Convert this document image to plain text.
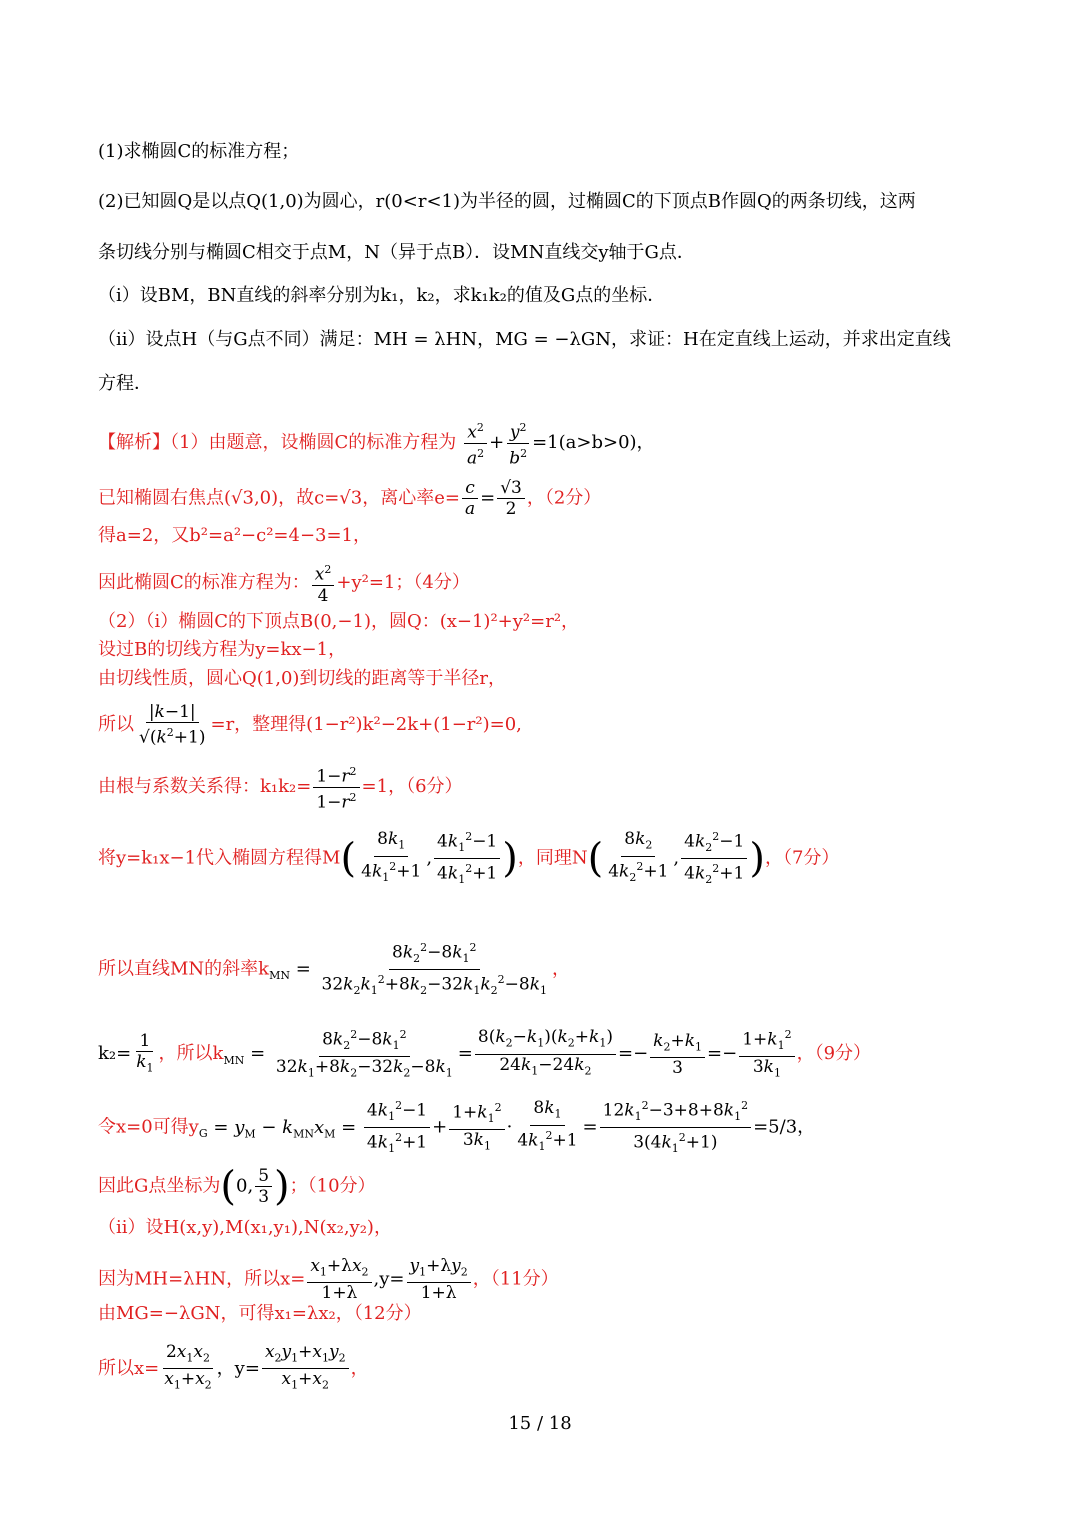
(1)求椭圆C的标准方程；
(2)已知圆Q是以点Q(1,0)为圆心，r(0<r<1)为半径的圆，过椭圆C的下顶点B作圆Q的两条切线，这两
条切线分别与椭圆C相交于点M，N（异于点B）．设MN直线交y轴于G点．
（i）设BM，BN直线的斜率分别为k₁，k₂，求k₁k₂的值及G点的坐标．
（ii）设点H（与G点不同）满足：MH = λHN，MG = −λGN，求证：H在定直线上运动，并求出定直线
方程．
【解析】（1）由题意，设椭圆C的标准方程为 $\frac{x^2}{a^2} + \frac{y^2}{b^2} =1(a>b>0)$，
已知椭圆右焦点(√3,0)，故c=√3，离心率$e= \frac{c}{a} = \frac{√3}{2}$ ，（2分）
得a=2，又b²=a²−c²=4−3=1，
因此椭圆C的标准方程为： $\frac{x^2}{4} +y^2=1$；（4分）
（2）（i）椭圆C的下顶点B(0,−1)，圆Q：(x−1)²+y²=r²，
设过B的切线方程为y=kx−1，
由切线性质，圆心Q(1,0)到切线的距离等于半径r，
所以 $\frac{|k-1|}{√(k^2+1)} =r$，整理得(1−r²)k²−2k+(1−r²)=0,
由根与系数关系得：$k_1k_2= \frac{1-r^2}{1-r^2} =1$，（6分）
将y=k₁x−1代入椭圆方程得$M( \frac{8k_1}{4k_1^2+1}$ , $\frac{4k_1^2-1}{4k_1^2+1}$ )，同理$N( \frac{8k_2}{4k_2^2+1}$ , $\frac{4k_2^2-1}{4k_2^2+1}$ )，（7分）
所以直线MN的斜率$k_{MN} = \frac{8k_2^2-8k_1^2}{32k_2k_1^2+8k_2-32k_1k_2^2-8k_1}$ ，
$k_2= \frac{1}{k_1}$ ，所以$k_{MN} = \frac{8k_2^2-8k_1^2}{32k_1+8k_2-32k_2-8k_1} = \frac{8(k_2-k_1)(k_2+k_1)}{24k_1-24k_2} =- \frac{k_2+k_1}{3} =- \frac{1+k_1^2}{3k_1}$ ，（9分）
令x=0可得$y_G = y_M - k_{MN}x_M = \frac{4k_1^2-1}{4k_1^2+1} + \frac{1+k_1^2}{3k_1} \cdot \frac{8k_1}{4k_1^2+1} = \frac{12k_1^2-3+8+8k_1^2}{3(4k_1^2+1)} =5/3$，
因此G点坐标为(0, $\frac{5}{3}$ )；（10分）
（ii）设H(x,y),M(x₁,y₁),N(x₂,y₂)，
因为MH=λHN，所以$x= \frac{x_1+\lambda x_2}{1+\lambda} ,y= \frac{y_1+\lambda y_2}{1+\lambda}$ ，（11分）
由MG=−λGN，可得x₁=λx₂，（12分）
所以$x= \frac{2x_1x_2}{x_1+x_2}$ ，$y= \frac{x_2y_1+x_1y_2}{x_1+x_2}$ ，
15 / 18
